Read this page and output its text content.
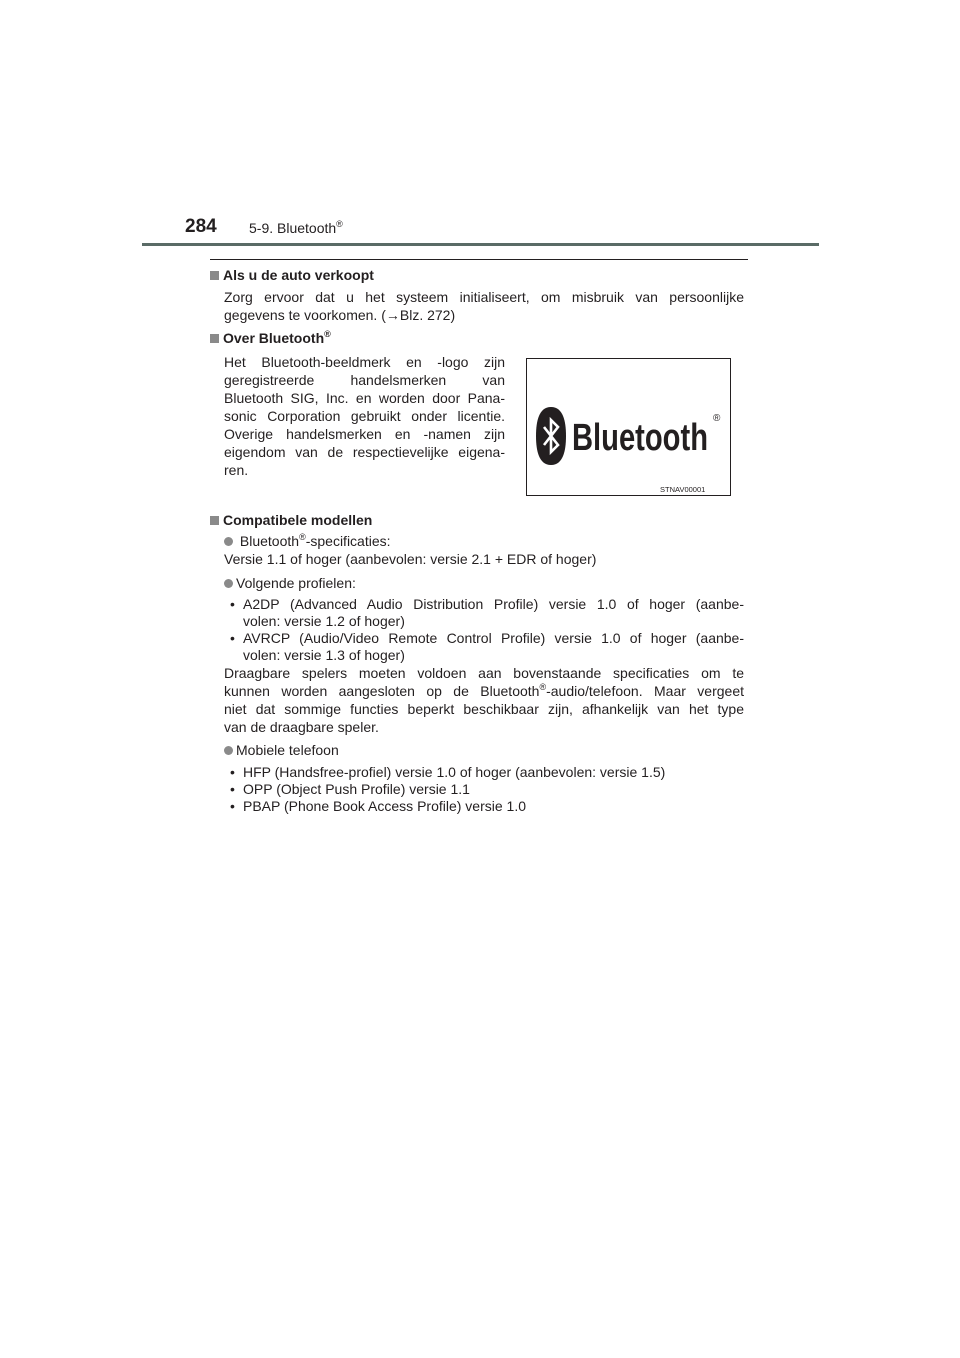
284 5-9. Bluetooth®
Als u de auto verkoopt
Zorg ervoor dat u het systeem initialiseert, om misbruik van persoonlijke
gegevens te voorkomen. (→Blz. 272)
Over Bluetooth®
Het Bluetooth-beeldmerk en -logo zijn
geregistreerde handelsmerken van
Bluetooth SIG, Inc. en worden door Pana-
sonic Corporation gebruikt onder licentie.
Overige handelsmerken en -namen zijn
eigendom van de respectievelijke eigena-
ren.
Bluetooth ®
STNAV00001
Compatibele modellen
Bluetooth®-specificaties:
Versie 1.1 of hoger (aanbevolen: versie 2.1 + EDR of hoger)
Volgende profielen:
• A2DP (Advanced Audio Distribution Profile) versie 1.0 of hoger (aanbe-
volen: versie 1.2 of hoger)
• AVRCP (Audio/Video Remote Control Profile) versie 1.0 of hoger (aanbe-
volen: versie 1.3 of hoger)
Draagbare spelers moeten voldoen aan bovenstaande specificaties om te
kunnen worden aangesloten op de Bluetooth®-audio/telefoon. Maar vergeet
niet dat sommige functies beperkt beschikbaar zijn, afhankelijk van het type
van de draagbare speler.
Mobiele telefoon
• HFP (Handsfree-profiel) versie 1.0 of hoger (aanbevolen: versie 1.5)
• OPP (Object Push Profile) versie 1.1
• PBAP (Phone Book Access Profile) versie 1.0
